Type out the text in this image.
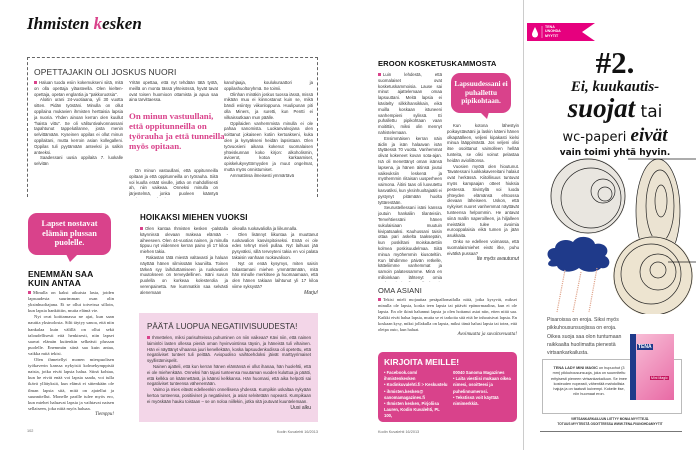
Ihmisten kesken
OPETTAJAKIN OLI JOSKUS NUORI

Haluan tuoda esiin kokemukseni siitä, mitä on olla opettaja yläasteella. Olen kieltenopettaja, opetan englantia ja "pakkoruotsia".

Aloitin urani 24-vuotiaana, yli 30 vuotta sitten. Pidän työstäni. Minulla on ollut oppilaina mukavien ihmisten herttaisia lapsia ja nuoria. Yhden ainoan kerran olen kuullut "haista vittu". Se oli välituntivalvonnassani tapahtunut tappelutilanne, josta menin selvittämään. Kyseinen oppilas ei ollut minun oppilaitani, mutta kerroin asian kollegalleni. Oppilas tuli pyytämään anteeksi ja salkin anteeksi.

Saadessani uusia oppilaita 7. luokalle selvitän

Yritän opettaa, että nyt tehdään tätä työtä, meillä on monta tässä yhteisössä, hyvät tavat ovat toisen huomioon ottamista ja apua saa aina tarvittaessa.

On minun vastuullani, että oppitunneilla on työrauha ja että tunneilla myös opitaan.

On minun vastuullani, että oppitunneilla opitaan ja että oppitunneilla on työrauha. Siitä voi kuulla eräät sivulle, jotka on mahdollisesti ah, niin vaikeaa. Onneksi minulla on järjestelmä, jonka puoleen kääntyä

kanohjaaja, koulukuraattori ja oppilashuoltoryhmä. Se toimii.

Olinhan minäkin joskus tuossa iässä, missä mikään muu ei kiinnostanut kuin se, mikä bändi esiintyy viikonloppuna. Huulipunan piti olla Miners, ja suretti, kun Pentti ei vilkaissutkaan mun päälle.

Oppilaiden vanhemmista minulla ei ole pahaa sanomista. Luokanvalvojana olen soittanut jokaiseen kotiin kertoakseni, kuka olen ja kysyäkseni heidän lapsistaan. Olen työvuosieni aikana kokenut suomalaisen yhteiskunnan koko kirjon: alkoholismin, avioerot, kotoa karkaamiset, opiskelukyvyttömyyden ja muut ongelmat, mutta myös onnistumiset.

Ammattinsa ilmeisesti ymmärtävä

Lapset nostavat elämän plussan puolelle.
ENEMMÄN SAA KUIN ANTAA

Minulla on kaksi aikuista lasta, joiden lapsuudesta suurimman osan olin yksinhuoltajana. Ei se ollut toiveissa silloin, kun lapsia hankittiin, mutta elämä vie.

Nyt ovat koittamassa ne ajat, kun saan nauttia yksinolosta. Silti täytyy sanoa, että niin hankalaa kuin välillä on ollut sekä taloudellisesti että henkisesti, niin lapset saavat elämän kuitenkin selkeästi plussan puolelle. Enemmän siinä saa kuin antaa, vaikka mitä tekisi.

Olen ihmetellyt monen miespuolisen työkaverin kanssa nykyisiä kolmekymppisiä naisia, jotka eivät lapsia halua. Siinä kohtaa, kun he eivät enää voi lapsia saada, voi tulla ikävä yllätyksiä, kun elämä ei sittenkään ole ilman lapsia sitä, mitä on ajatellut ja suunnitellut. Monelle parille tulee myös ero, kun miehet haluavat lapsia ja vaihtavat naisen sellaiseen, joka niitä myös haluaa.

Tiemppu!
HOIKAKSI MIEHEN VUOKSI

Olen kantaa Ihmisten kesken -palstalla käynnissä olevaan makeaa elämää -aiheeseen. Olen 44-vuotias nainen, ja minulla tippuu nyt viidennen kerran paino yli 17 kiloa miehen takia.

Rakastan tätä miestä valtavasti ja haluan näyttää hänen silmissään kauniilta. Toinen tärkeä syy laihduttamiseen ja ruokavalion muutokseen on terveydellinen. Isäni suvun puolella on korkeaa kolesterolia ja verenpainetta. Ne kummatkin saa selvästi alenemaan

oikealla ruokavaliolla ja liikunnalla.

Olen lisännyt liikuntaa ja muuttanut ruokavalion kasvispitoiseksi. Enää ei ole edes tehnyt mieli pullaa. Nyt laihuus jää pysyväksi, sillä terveyteni takia en voi palata takaisin vanhaan ruokavalioon.

Nyt on enää kysymys, miten saisin rakastamani miehen ymmärtämään, mitä hän minulle merkitsee ja huomaamaan, että olen hänen takiaan laihtunut yli 17 kiloa viime syksystä?

Marju!
PÄÄTÄ LUOPUA NEGATIIVISUUDESTA!

Ihmettelen, miksi parisuhteissa puhuminen on niin vaikeaa? Kävi niin, että nainen laiminlöi lasten ollessa pieniä oman hyvinvointinsa täysin, ja häneistä tuli vihainen. Hän ei näyttänyt vihaansa juuri kenellekään, koska lapsuudenkodissa oli opetettu, että negatiiviset tunteet tuli peittää. Aviopuoliso vaihtoehdoksi jäivät marttyyrimaiset syyllistämispelit.

Nainen ajatteli, että kun kerran hänen elämänsä ei ollut ihanaa, hän huolehtii, että ei ole miehenkään. Onneksi hän tajusi tunteensa muutaman vuoden kuluttua ja päätti, että kelkka on käännettävä, ja käänsi kelkkansa. Hän huomasi, että aika helpotti sai negatiiviset tunteensa vähenemään.

Vaimo ja mies elävät edelleenkin onnellisena yhdessä. Kumpikin uskaltaa nykyään kertoa tunteensa, positiiviset ja negatiiviset, ja asiat selvitetään nopeasti. Kumpikaan ei myöskään hauku toistaan – se on noloa niillekin, jotka sitä joutuvat kuuntelemaan.

Uusi alku
102	Kodin Kuvalehti 16/2013
EROON KOSKETUSKAMMOSTA

Luin lehdestä, että suomalaiset ovat kosketuskammoisia. Lause sai minut ajattelemaan omaa lapsuuttani. Meitä lapsia ei käsitelty silkkihansikkain, eikä muilla koskaan istuneeni vanhempieni sylissä. Ei puhallettu pipikohtaan vaan moitittiin, miksi olin mennyt nahistelemaan.

Ensimmäisen kerran näin äidin ja isän halaavan isän täytäessä 70 vuotta. Vanhemmat olivat kokeneet kovan sota-ajan. Isä oli menettänyt oman isänsä lapsena, ja hänen äitinsä joutui vaikeuksiin leskenä ja myöhemmin riitaisan uusperheen vaimona. Äitini taas oli luovutettu kasvatiksi, kun yksinhuoltajaäiti ei pystynyt pitämään huolta tyttärestään.

Seurustellessani isäni kanssa joutuin hankaliin tilanteisiin. Tervehtiessäni hänen sukulaisiaan muutuin kivipatsaaksi. Kauhussani taisin ottaa pari askelta taaksepäin, kun poskiltani moiskautettiin kolmea poskisuudelmaa. Siitä minua myöhemmin kiusoteltiin. Kun lähdimme päivän retkelle, kätteliimme vanhemmat ja samoin palatessamme. Minä en milloinkaan lähtenyt omia

Lapsuudessani ei puhallettu pipikohtaan.

Kun kotona lähestyin poikaystävääni ja laskin käteni hänen olkapäälleen, veljeni kipakasti kielsi minua lääppimästä. Jos veljeni olisi itse osoittanut vaimolleen hellää tunteita, se olisi voinut pelastaa heidän avioliittonsa.

Vuosien myötä olen hioutunut. Tavatessani luokkakavereitani halaiut ovat herkässä. Kiitollisuus tuntuvat myös kampaajan otteet hiuksia pestessä. Sivistyllä voi luoda yhteyden elämänsä ehtoossa olevaan läheiseen. Uskon, että nykyiset nuoret vanhemmat näyttävät tunteensa helpommin. He antavat siinä mallin naperoilleen, ja hiljalleen meistäkin tulee avoimia eurooppalaisia eikä tumen ja jään asukkaita.

Onko se edelleen voimassa, että suomalaismiehet eivät itke, puhu eivätkä pussaa?

Ite myös avautunut
OMA ASIANI

Tekisi mieli mojauttaa pesäpallomailalla niitä, jotka kysyvät, miksei minulla ole lapsia, koska teen lapsia tai pitävät epänormaalina, kun ei ole lapsia. En ole ikinä halunnut lapsia ja olen hoitanut asiat niin, etten niitä saa. Kaikki eivät halua lapsia, mutta se ei tarkoita sitä että he inhoaisivat lapsia. En koskaan kysy, miksi jollakulla on lapsia, miksi tämä halusi lapsia tai totea, että oletpa outo, kun haluat.

Avoimuutta ja suvaitsevuutta!
KIRJOITA MEILLE!
• Facebook.com/ ihmistenkesken
• Kodinkuvalehti.fi > Keskustelu
• ihmisten.kesken@ sanomamagazines.fi
• Ihmisten kesken, Pirjoliisa Lauren, Kodin Kuvalehti, PL 100,
00040 Sanoma Magazines
• Laita viestiisi mukaan oikea nimesi, osoitteesi ja puhelinnumerosi.
• Tekstissä voit käyttää nimimerkkiä.
Kodin Kuvalehti 16/2013
TENA UNOHDA MYYTIT
#2.
Ei, kuukautis-
suojat tai
wc-paperi eivät
vain toimi yhtä hyvin.
Pisaroissa on eroja. Siksi myös pikkuhousunsuojissa on eroja. Oikea suoja saa olon tuntumaan raikkaalta huolimatta pienestä virtsankarkailusta.
TENA LADY MINI MAGIC on hupuohut (3 mm) pikkuhousunsuoja, joka on suunniteltu erityisesti pieneen virtsankarkailuun. Se imee kosteuden nopeasti, vähentää mahdollisia hajuja ja on taatusti kuivempi. Kokeile itse, niin huomaat eron.
TENA
Mini Magic
VIRTSANKARKAILUUN LIITTYY MONIA MYYTTEJÄ.
TOTUUS MYYTEISTÄ OSOITTEESSA WWW.TENA.FI/UNOHDAMYYTIT
